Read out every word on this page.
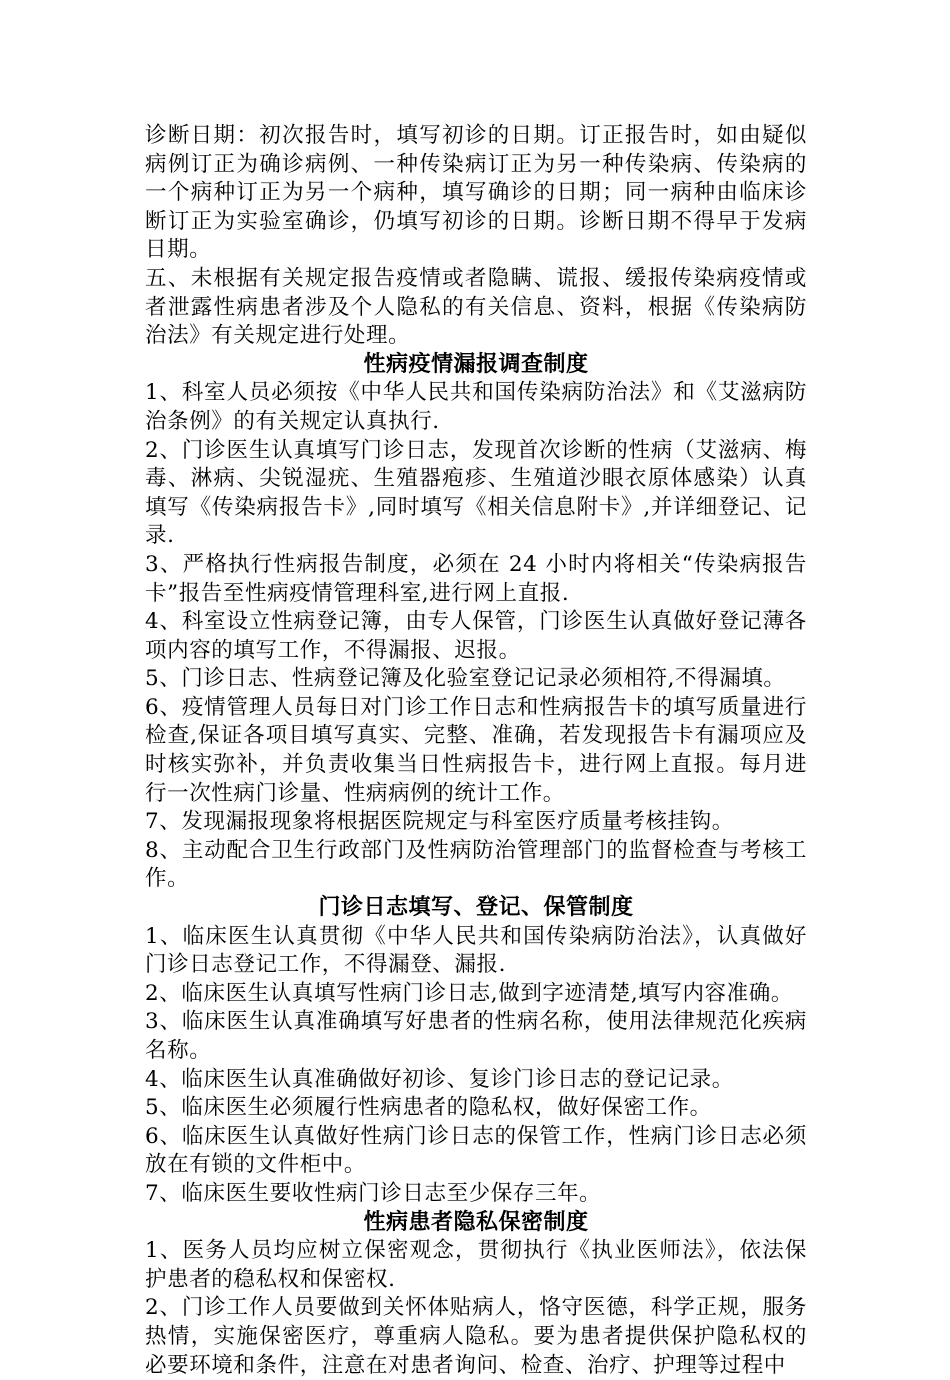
诊断日期：初次报告时，填写初诊的日期。订正报告时，如由疑似病例订正为确诊病例、一种传染病订正为另一种传染病、传染病的一个病种订正为另一个病种，填写确诊的日期；同一病种由临床诊断订正为实验室确诊，仍填写初诊的日期。诊断日期不得早于发病日期。

五、未根据有关规定报告疫情或者隐瞒、谎报、缓报传染病疫情或者泄露性病患者涉及个人隐私的有关信息、资料，根据《传染病防治法》有关规定进行处理。

性病疫情漏报调查制度

1、科室人员必须按《中华人民共和国传染病防治法》和《艾滋病防治条例》的有关规定认真执行.

2、门诊医生认真填写门诊日志，发现首次诊断的性病（艾滋病、梅毒、淋病、尖锐湿疣、生殖器疱疹、生殖道沙眼衣原体感染）认真填写《传染病报告卡》,同时填写《相关信息附卡》,并详细登记、记录.

3、严格执行性病报告制度，必须在 24 小时内将相关“传染病报告卡”报告至性病疫情管理科室,进行网上直报.

4、科室设立性病登记簿，由专人保管，门诊医生认真做好登记薄各项内容的填写工作，不得漏报、迟报。

5、门诊日志、性病登记簿及化验室登记记录必须相符,不得漏填。

6、疫情管理人员每日对门诊工作日志和性病报告卡的填写质量进行检查,保证各项目填写真实、完整、准确，若发现报告卡有漏项应及时核实弥补，并负责收集当日性病报告卡，进行网上直报。每月进行一次性病门诊量、性病病例的统计工作。

7、发现漏报现象将根据医院规定与科室医疗质量考核挂钩。

8、主动配合卫生行政部门及性病防治管理部门的监督检查与考核工作。

门诊日志填写、登记、保管制度

1、临床医生认真贯彻《中华人民共和国传染病防治法》，认真做好门诊日志登记工作，不得漏登、漏报.

2、临床医生认真填写性病门诊日志,做到字迹清楚,填写内容准确。

3、临床医生认真准确填写好患者的性病名称，使用法律规范化疾病名称。

4、临床医生认真准确做好初诊、复诊门诊日志的登记记录。

5、临床医生必须履行性病患者的隐私权，做好保密工作。

6、临床医生认真做好性病门诊日志的保管工作，性病门诊日志必须放在有锁的文件柜中。

7、临床医生要收性病门诊日志至少保存三年。

性病患者隐私保密制度

1、医务人员均应树立保密观念，贯彻执行《执业医师法》，依法保护患者的稳私权和保密权.

2、门诊工作人员要做到关怀体贴病人，恪守医德，科学正规，服务热情，实施保密医疗，尊重病人隐私。要为患者提供保护隐私权的必要环境和条件，注意在对患者询问、检查、治疗、护理等过程中
